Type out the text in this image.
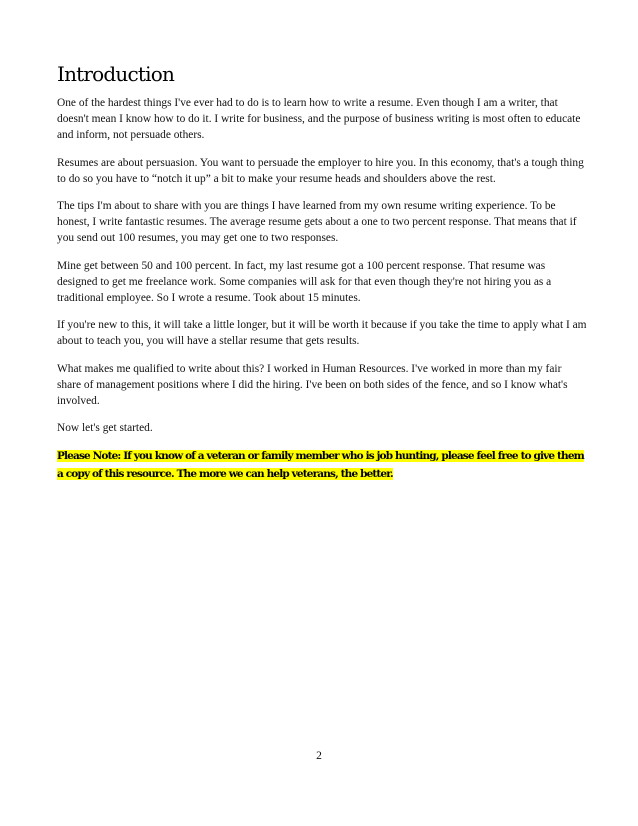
Introduction

One of the hardest things I've ever had to do is to learn how to write a resume. Even though I am a writer, that doesn't mean I know how to do it. I write for business, and the purpose of business writing is most often to educate and inform, not persuade others.

Resumes are about persuasion. You want to persuade the employer to hire you. In this economy, that's a tough thing to do so you have to “notch it up” a bit to make your resume heads and shoulders above the rest.

The tips I'm about to share with you are things I have learned from my own resume writing experience. To be honest, I write fantastic resumes. The average resume gets about a one to two percent response. That means that if you send out 100 resumes, you may get one to two responses.

Mine get between 50 and 100 percent. In fact, my last resume got a 100 percent response. That resume was designed to get me freelance work. Some companies will ask for that even though they're not hiring you as a traditional employee. So I wrote a resume. Took about 15 minutes.

If you're new to this, it will take a little longer, but it will be worth it because if you take the time to apply what I am about to teach you, you will have a stellar resume that gets results.

What makes me qualified to write about this? I worked in Human Resources. I've worked in more than my fair share of management positions where I did the hiring. I've been on both sides of the fence, and so I know what's involved.

Now let's get started.

Please Note: If you know of a veteran or family member who is job hunting, please feel free to give them a copy of this resource. The more we can help veterans, the better.

2
